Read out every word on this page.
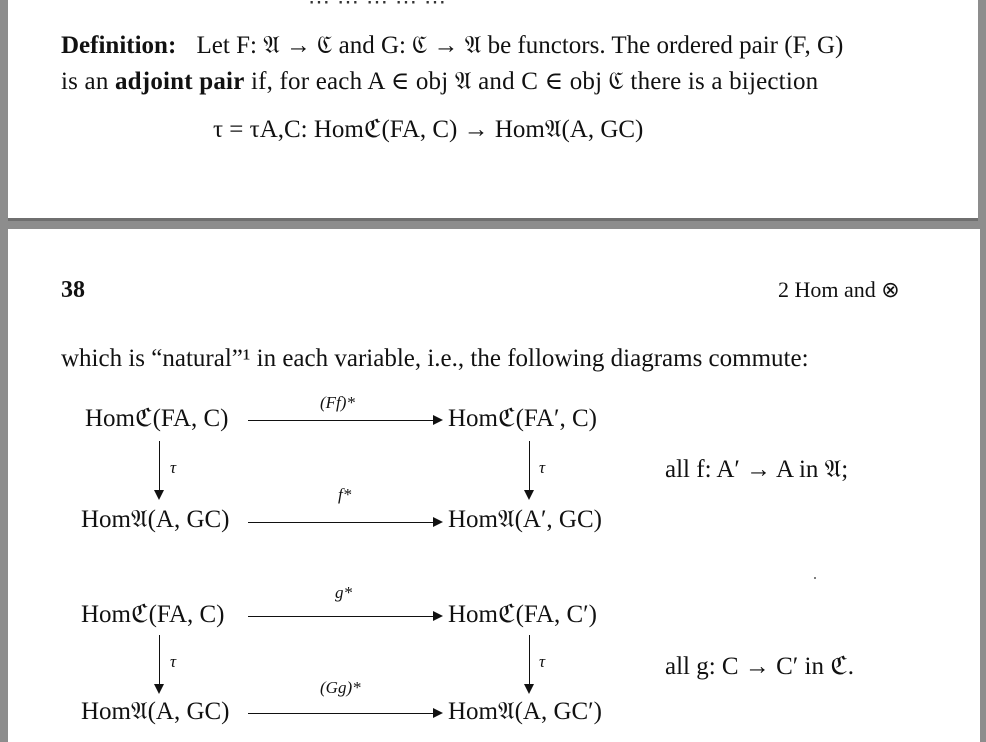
Definition: Let F: 𝔄 → ℭ and G: ℭ → 𝔄 be functors. The ordered pair (F, G)
is an adjoint pair if, for each A ∈ obj 𝔄 and C ∈ obj ℭ there is a bijection
τ = τA,C: Homℭ(FA, C) → Hom𝔄(A, GC)
38	2 Hom and ⊗
which is “natural”¹ in each variable, i.e., the following diagrams commute:
Homℭ(FA, C)	Homℭ(FA′, C)
Hom𝔄(A, GC)	Hom𝔄(A′, GC)
(Ff)*
f*
τ	τ	all f: A′ → A in 𝔄;
Homℭ(FA, C)	Homℭ(FA, C′)
Hom𝔄(A, GC)	Hom𝔄(A, GC′)
g*
(Gg)*
τ	τ	all g: C → C′ in ℭ.
